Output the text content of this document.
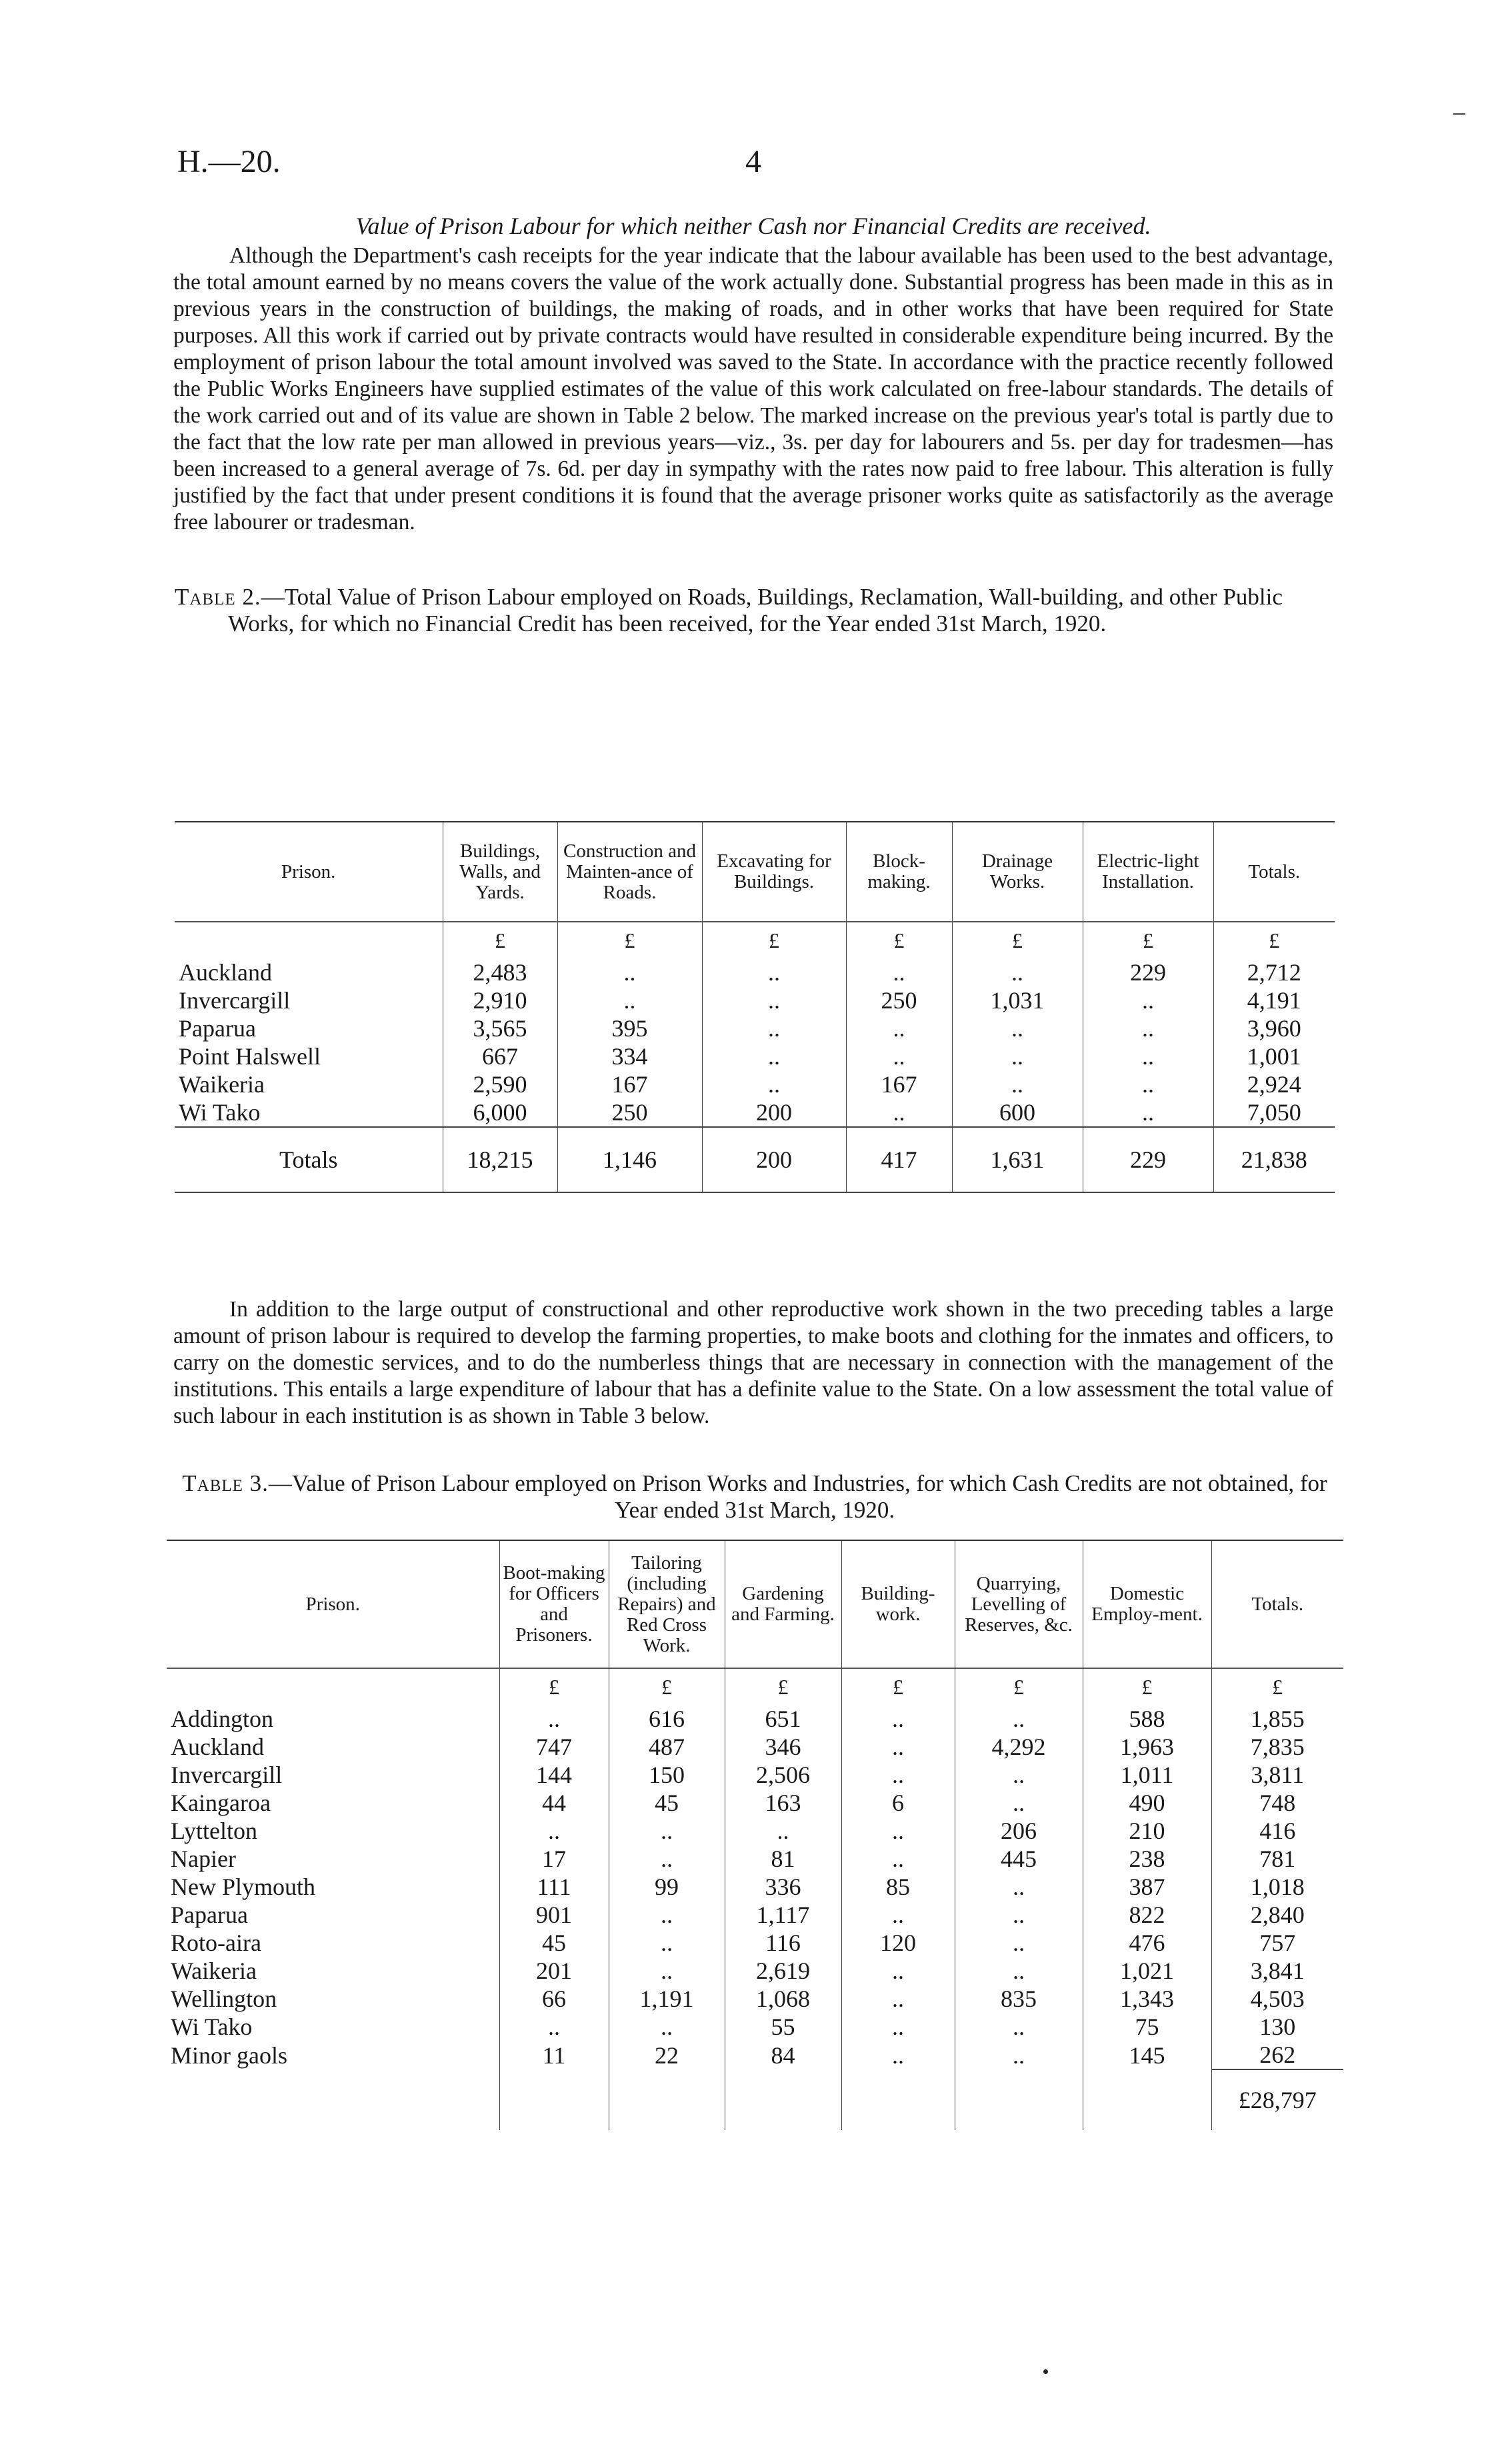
H.—20.	4
Value of Prison Labour for which neither Cash nor Financial Credits are received.

Although the Department's cash receipts for the year indicate that the labour available has been used to the best advantage, the total amount earned by no means covers the value of the work actually done. Substantial progress has been made in this as in previous years in the construction of buildings, the making of roads, and in other works that have been required for State purposes. All this work if carried out by private contracts would have resulted in considerable expenditure being incurred. By the employment of prison labour the total amount involved was saved to the State. In accordance with the practice recently followed the Public Works Engineers have supplied estimates of the value of this work calculated on free-labour standards. The details of the work carried out and of its value are shown in Table 2 below. The marked increase on the previous year's total is partly due to the fact that the low rate per man allowed in previous years—viz., 3s. per day for labourers and 5s. per day for tradesmen—has been increased to a general average of 7s. 6d. per day in sympathy with the rates now paid to free labour. This alteration is fully justified by the fact that under present conditions it is found that the average prisoner works quite as satisfactorily as the average free labourer or tradesman.

Table 2.—Total Value of Prison Labour employed on Roads, Buildings, Reclamation, Wall-building, and other Public Works, for which no Financial Credit has been received, for the Year ended 31st March, 1920.

Prison.	Buildings, Walls, and Yards.	Construction and Mainten-ance of Roads.	Excavating for Buildings.	Block-making.	Drainage Works.	Electric-light Installation.	Totals.
	£	£	£	£	£	£	£
Auckland	2,483	..	..	..	..	229	2,712
Invercargill	2,910	..	..	250	1,031	..	4,191
Paparua	3,565	395	..	..	..	..	3,960
Point Halswell	667	334	..	..	..	..	1,001
Waikeria	2,590	167	..	167	..	..	2,924
Wi Tako	6,000	250	200	..	600	..	7,050
Totals	18,215	1,146	200	417	1,631	229	21,838

In addition to the large output of constructional and other reproductive work shown in the two preceding tables a large amount of prison labour is required to develop the farming properties, to make boots and clothing for the inmates and officers, to carry on the domestic services, and to do the numberless things that are necessary in connection with the management of the institutions. This entails a large expenditure of labour that has a definite value to the State. On a low assessment the total value of such labour in each institution is as shown in Table 3 below.

Table 3.—Value of Prison Labour employed on Prison Works and Industries, for which Cash Credits are not obtained, for Year ended 31st March, 1920.

Prison.	Boot-making for Officers and Prisoners.	Tailoring (including Repairs) and Red Cross Work.	Gardening and Farming.	Building-work.	Quarrying, Levelling of Reserves, &c.	Domestic Employ-ment.	Totals.
	£	£	£	£	£	£	£
Addington	..	616	651	..	..	588	1,855
Auckland	747	487	346	..	4,292	1,963	7,835
Invercargill	144	150	2,506	..	..	1,011	3,811
Kaingaroa	44	45	163	6	..	490	748
Lyttelton	..	..	..	..	206	210	416
Napier	17	..	81	..	445	238	781
New Plymouth	111	99	336	85	..	387	1,018
Paparua	901	..	1,117	..	..	822	2,840
Roto-aira	45	..	116	120	..	476	757
Waikeria	201	..	2,619	..	..	1,021	3,841
Wellington	66	1,191	1,068	..	835	1,343	4,503
Wi Tako	..	..	55	..	..	75	130
Minor gaols	11	22	84	..	..	145	262
							£28,797
